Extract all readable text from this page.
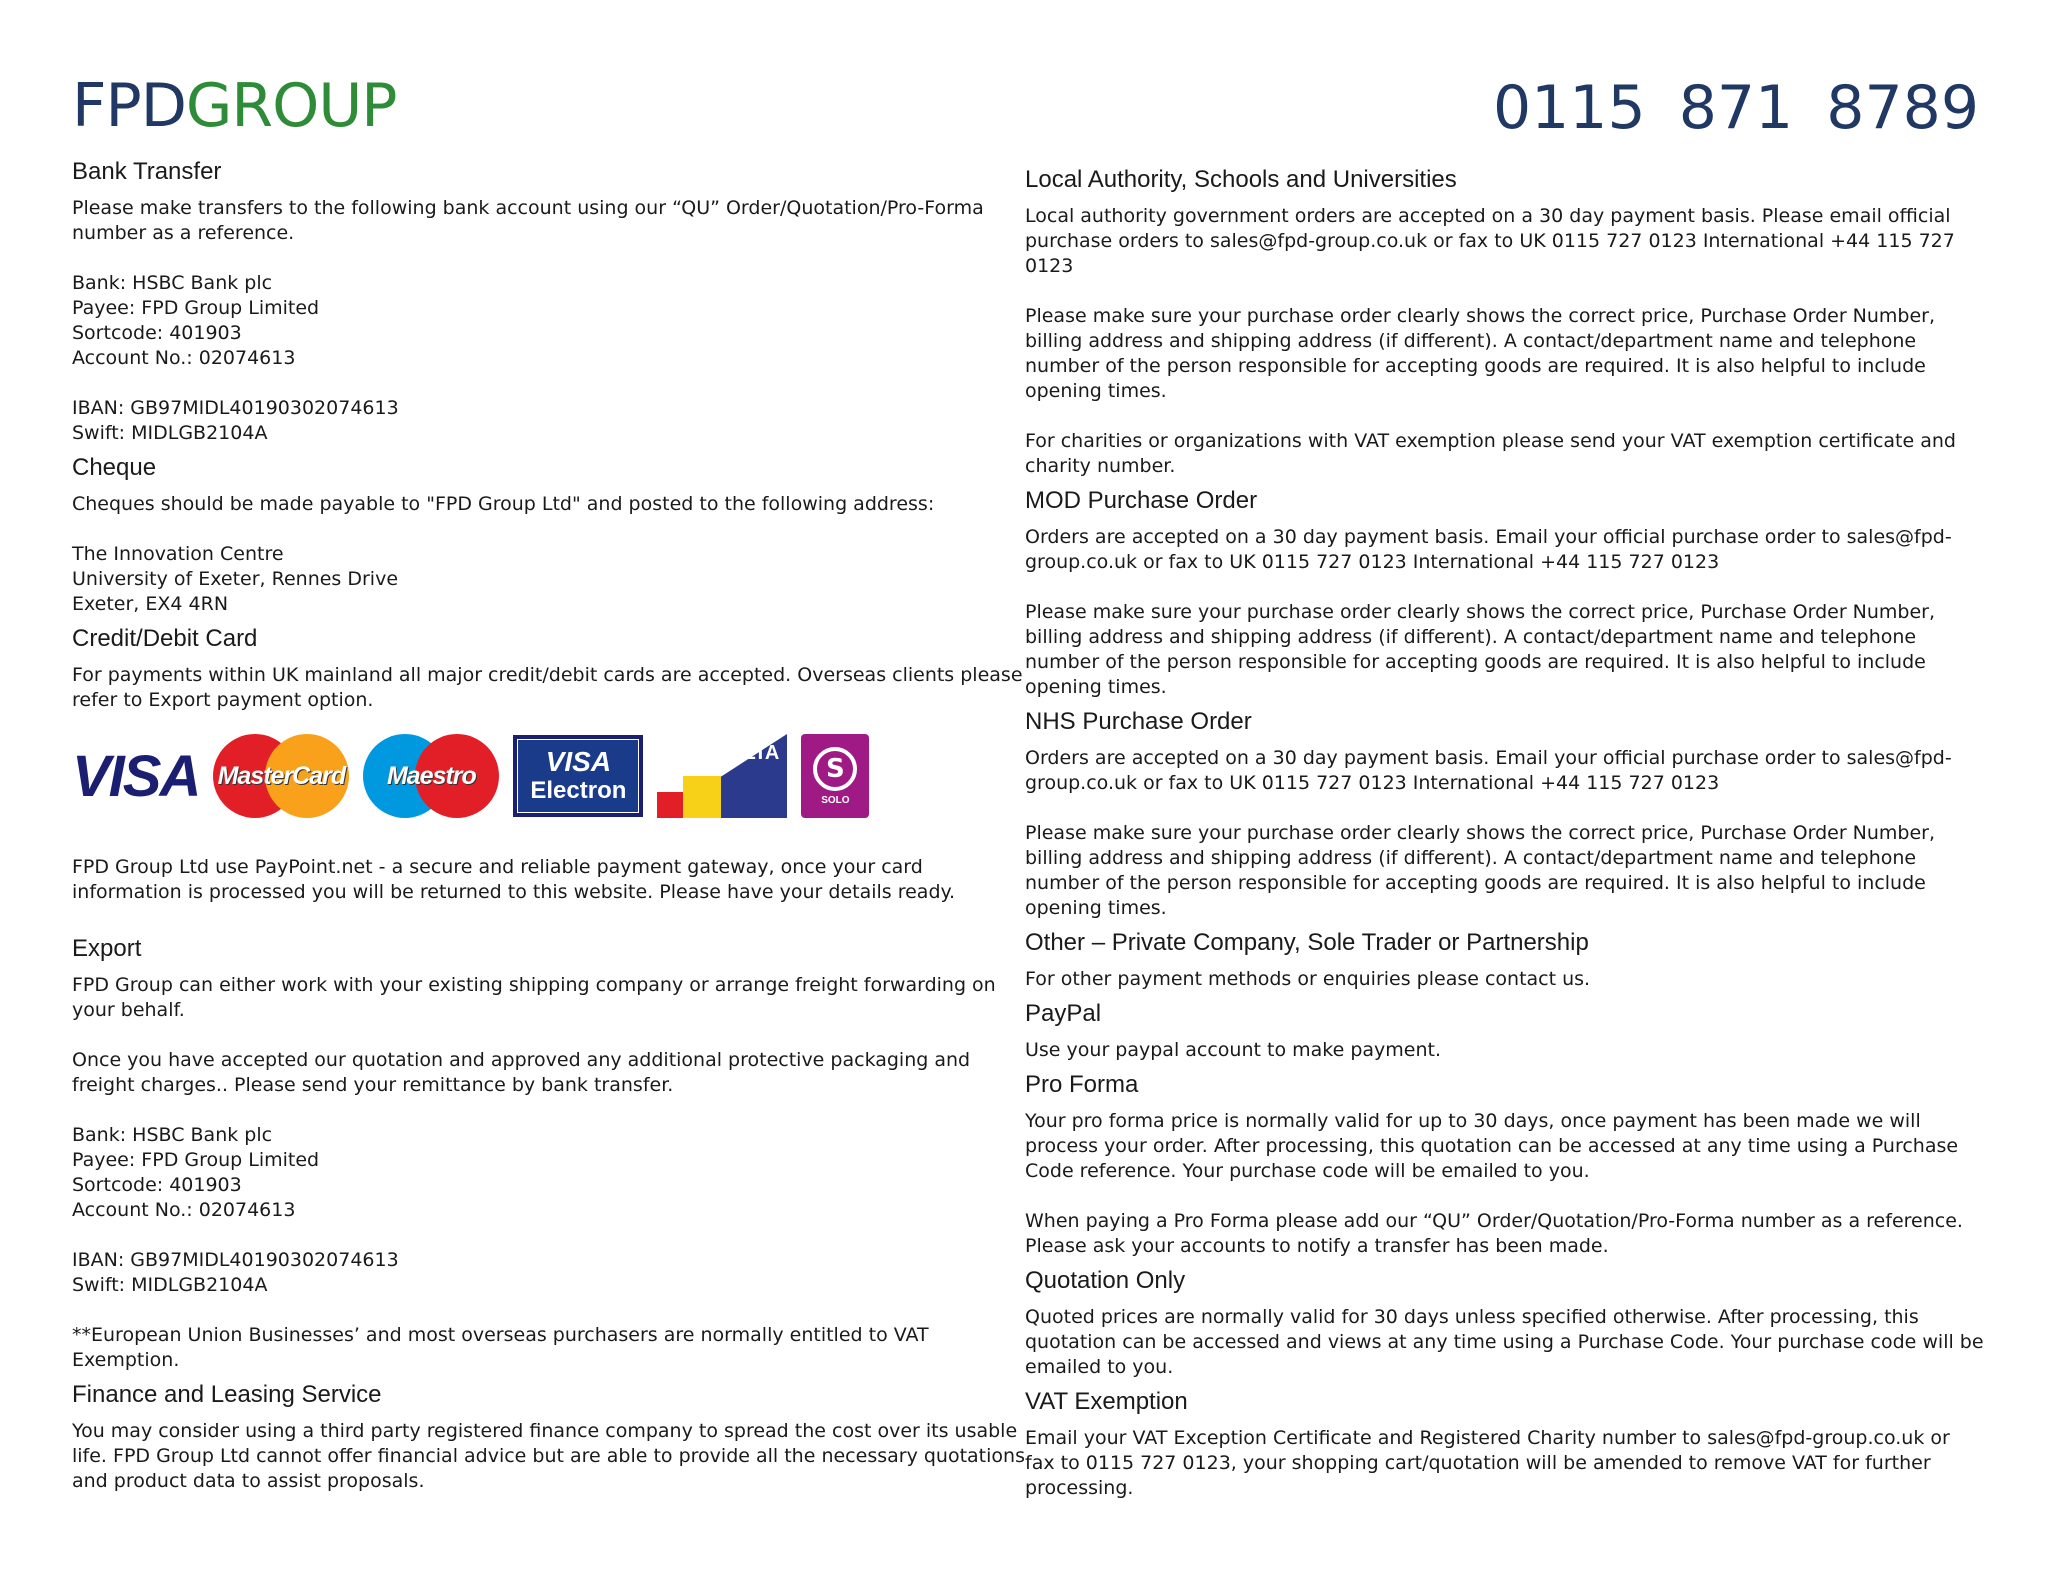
FPDGROUP	0115 871 8789
Bank Transfer

Please make transfers to the following bank account using our “QU” Order/Quotation/Pro-Forma number as a reference.

Bank: HSBC Bank plc
Payee: FPD Group Limited
Sortcode: 401903
Account No.: 02074613

IBAN: GB97MIDL40190302074613
Swift: MIDLGB2104A

Cheque

Cheques should be made payable to "FPD Group Ltd" and posted to the following address:

The Innovation Centre
University of Exeter, Rennes Drive
Exeter, EX4 4RN

Credit/Debit Card

For payments within UK mainland all major credit/debit cards are accepted. Overseas clients please refer to Export payment option.

VISA MasterCard	Maestro	VISA
Electron
DELTA
S
SOLO

FPD Group Ltd use PayPoint.net - a secure and reliable payment gateway, once your card information is processed you will be returned to this website. Please have your details ready.

Export

FPD Group can either work with your existing shipping company or arrange freight forwarding on your behalf.

Once you have accepted our quotation and approved any additional protective packaging and freight charges.. Please send your remittance by bank transfer.

Bank: HSBC Bank plc
Payee: FPD Group Limited
Sortcode: 401903
Account No.: 02074613

IBAN: GB97MIDL40190302074613
Swift: MIDLGB2104A

**European Union Businesses’ and most overseas purchasers are normally entitled to VAT Exemption.

Finance and Leasing Service

You may consider using a third party registered finance company to spread the cost over its usable life. FPD Group Ltd cannot offer financial advice but are able to provide all the necessary quotations and product data to assist proposals.

Local Authority, Schools and Universities

Local authority government orders are accepted on a 30 day payment basis. Please email official purchase orders to sales@fpd-group.co.uk or fax to UK 0115 727 0123 International +44 115 727 0123

Please make sure your purchase order clearly shows the correct price, Purchase Order Number, billing address and shipping address (if different). A contact/department name and telephone number of the person responsible for accepting goods are required. It is also helpful to include opening times.

For charities or organizations with VAT exemption please send your VAT exemption certificate and charity number.

MOD Purchase Order

Orders are accepted on a 30 day payment basis. Email your official purchase order to sales@fpd-group.co.uk or fax to UK 0115 727 0123 International +44 115 727 0123

Please make sure your purchase order clearly shows the correct price, Purchase Order Number, billing address and shipping address (if different). A contact/department name and telephone number of the person responsible for accepting goods are required. It is also helpful to include opening times.

NHS Purchase Order

Orders are accepted on a 30 day payment basis. Email your official purchase order to sales@fpd-group.co.uk or fax to UK 0115 727 0123 International +44 115 727 0123

Please make sure your purchase order clearly shows the correct price, Purchase Order Number, billing address and shipping address (if different). A contact/department name and telephone number of the person responsible for accepting goods are required. It is also helpful to include opening times.

Other – Private Company, Sole Trader or Partnership

For other payment methods or enquiries please contact us.

PayPal

Use your paypal account to make payment.

Pro Forma

Your pro forma price is normally valid for up to 30 days, once payment has been made we will process your order. After processing, this quotation can be accessed at any time using a Purchase Code reference. Your purchase code will be emailed to you.

When paying a Pro Forma please add our “QU” Order/Quotation/Pro-Forma number as a reference. Please ask your accounts to notify a transfer has been made.

Quotation Only

Quoted prices are normally valid for 30 days unless specified otherwise. After processing, this quotation can be accessed and views at any time using a Purchase Code. Your purchase code will be emailed to you.

VAT Exemption

Email your VAT Exception Certificate and Registered Charity number to sales@fpd-group.co.uk or fax to 0115 727 0123, your shopping cart/quotation will be amended to remove VAT for further processing.
